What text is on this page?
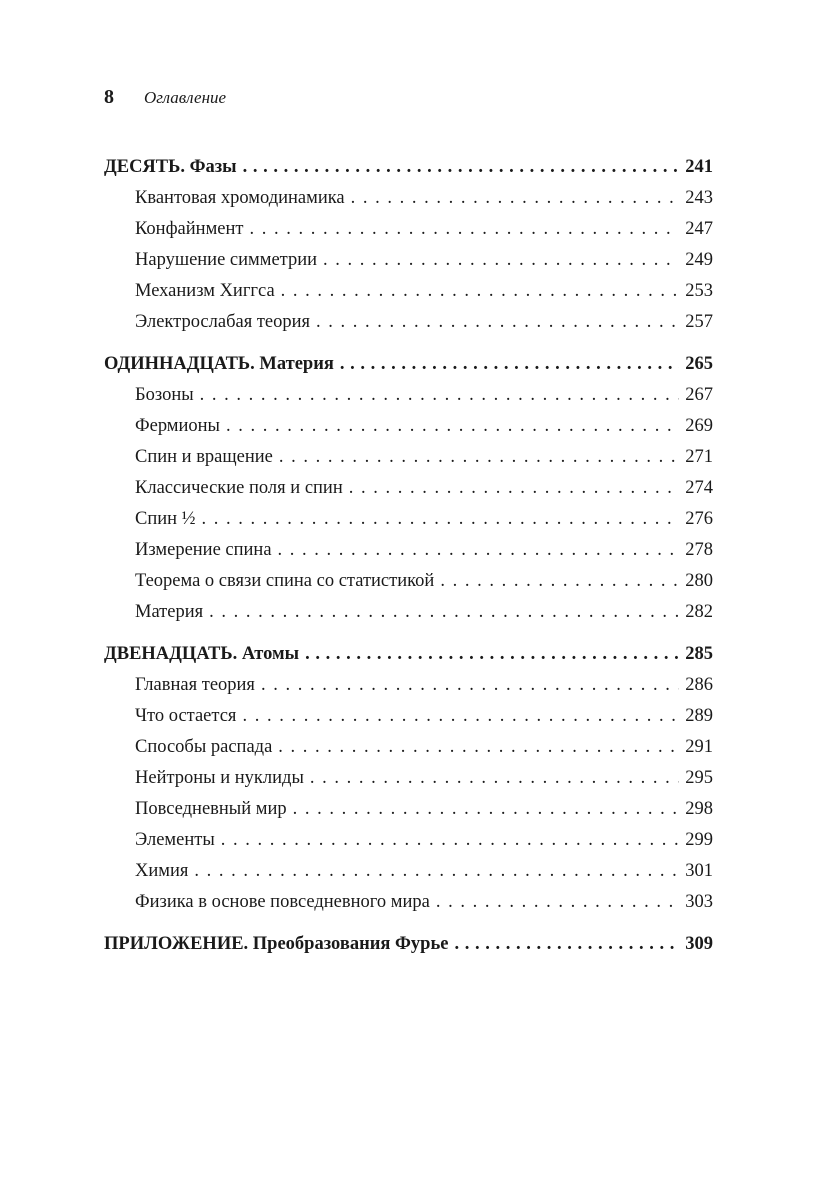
8 Оглавление
ДЕСЯТЬ. Фазы . . .	241
Квантовая хромодинамика . . .	243
Конфайнмент . . .	247
Нарушение симметрии . . .	249
Механизм Хиггса . . .	253
Электрослабая теория . . .	257
ОДИННАДЦАТЬ. Материя . . .	265
Бозоны . . .	267
Фермионы . . .	269
Спин и вращение . . .	271
Классические поля и спин . . .	274
Спин ½ . . .	276
Измерение спина . . .	278
Теорема о связи спина со статистикой . . .	280
Материя . . .	282
ДВЕНАДЦАТЬ. Атомы . . .	285
Главная теория . . .	286
Что остается . . .	289
Способы распада . . .	291
Нейтроны и нуклиды . . .	295
Повседневный мир . . .	298
Элементы . . .	299
Химия . . .	301
Физика в основе повседневного мира . . .	303
ПРИЛОЖЕНИЕ. Преобразования Фурье . . .	309
